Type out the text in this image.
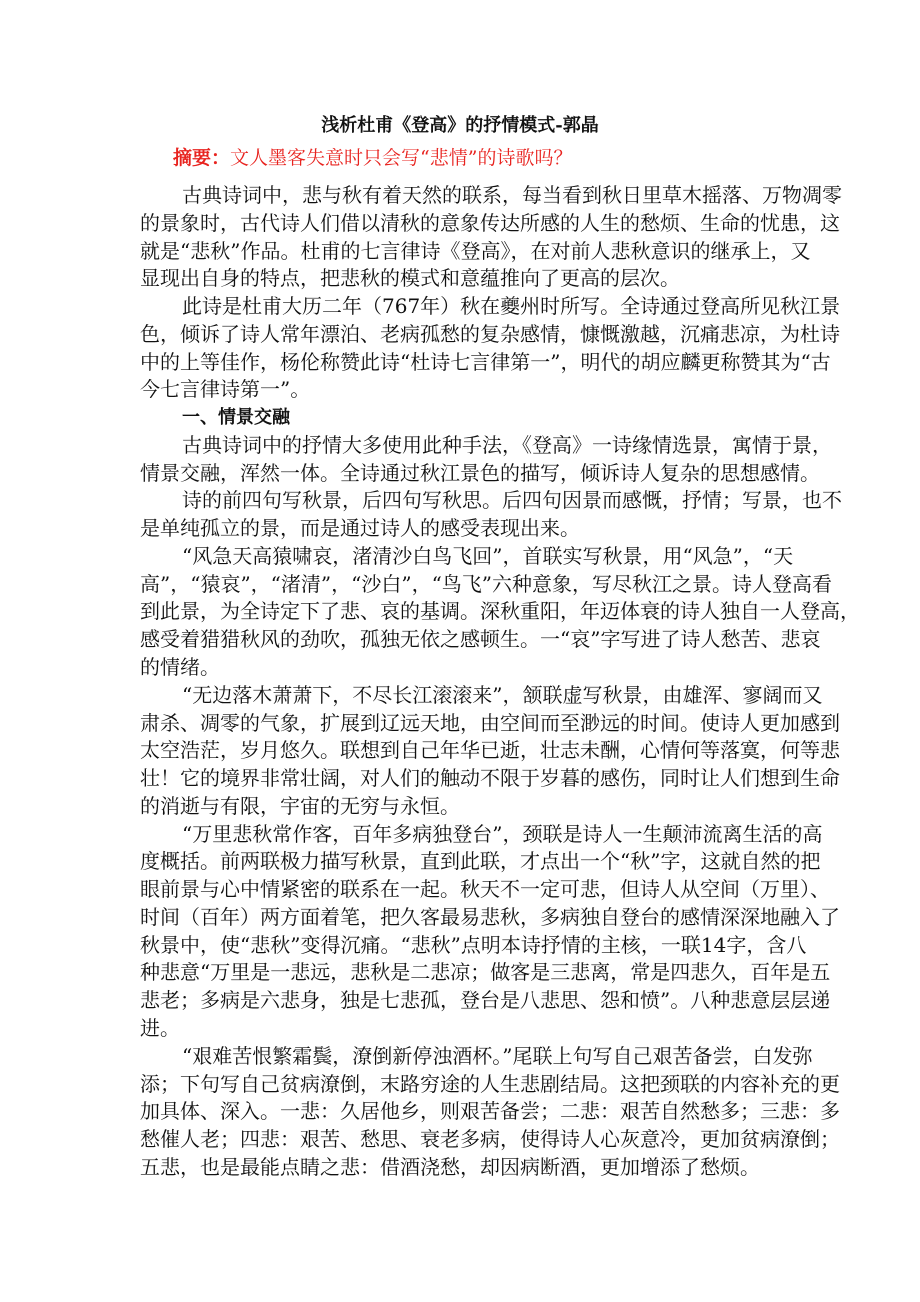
浅析杜甫《登高》的抒情模式-郭晶
摘要：文人墨客失意时只会写“悲情”的诗歌吗？
古典诗词中，悲与秋有着天然的联系，每当看到秋日里草木摇落、万物凋零
的景象时，古代诗人们借以清秋的意象传达所感的人生的愁烦、生命的忧患，这
就是“悲秋”作品。杜甫的七言律诗《登高》，在对前人悲秋意识的继承上，又
显现出自身的特点，把悲秋的模式和意蕴推向了更高的层次。
此诗是杜甫大历二年（767年）秋在夔州时所写。全诗通过登高所见秋江景
色，倾诉了诗人常年漂泊、老病孤愁的复杂感情，慷慨激越，沉痛悲凉，为杜诗
中的上等佳作，杨伦称赞此诗“杜诗七言律第一”，明代的胡应麟更称赞其为“古
今七言律诗第一”。
一、情景交融
古典诗词中的抒情大多使用此种手法，《登高》一诗缘情选景，寓情于景，
情景交融，浑然一体。全诗通过秋江景色的描写，倾诉诗人复杂的思想感情。
诗的前四句写秋景，后四句写秋思。后四句因景而感慨，抒情；写景，也不
是单纯孤立的景，而是通过诗人的感受表现出来。
“风急天高猿啸哀，渚清沙白鸟飞回”，首联实写秋景，用“风急”，“天
高”，“猿哀”，“渚清”，“沙白”，“鸟飞”六种意象，写尽秋江之景。诗人登高看
到此景，为全诗定下了悲、哀的基调。深秋重阳，年迈体衰的诗人独自一人登高，
感受着猎猎秋风的劲吹，孤独无依之感顿生。一“哀”字写进了诗人愁苦、悲哀
的情绪。
“无边落木萧萧下，不尽长江滚滚来”，颔联虚写秋景，由雄浑、寥阔而又
肃杀、凋零的气象，扩展到辽远天地，由空间而至渺远的时间。使诗人更加感到
太空浩茫，岁月悠久。联想到自己年华已逝，壮志未酬，心情何等落寞，何等悲
壮！它的境界非常壮阔，对人们的触动不限于岁暮的感伤，同时让人们想到生命
的消逝与有限，宇宙的无穷与永恒。
“万里悲秋常作客，百年多病独登台”，颈联是诗人一生颠沛流离生活的高
度概括。前两联极力描写秋景，直到此联，才点出一个“秋”字，这就自然的把
眼前景与心中情紧密的联系在一起。秋天不一定可悲，但诗人从空间（万里）、
时间（百年）两方面着笔，把久客最易悲秋，多病独自登台的感情深深地融入了
秋景中，使“悲秋”变得沉痛。“悲秋”点明本诗抒情的主核，一联14字，含八
种悲意“万里是一悲远，悲秋是二悲凉；做客是三悲离，常是四悲久，百年是五
悲老；多病是六悲身，独是七悲孤，登台是八悲思、怨和愤”。八种悲意层层递
进。
“艰难苦恨繁霜鬓，潦倒新停浊酒杯。”尾联上句写自己艰苦备尝，白发弥
添；下句写自己贫病潦倒，末路穷途的人生悲剧结局。这把颈联的内容补充的更
加具体、深入。一悲：久居他乡，则艰苦备尝；二悲：艰苦自然愁多；三悲：多
愁催人老；四悲：艰苦、愁思、衰老多病，使得诗人心灰意冷，更加贫病潦倒；
五悲，也是最能点睛之悲：借酒浇愁，却因病断酒，更加增添了愁烦。
